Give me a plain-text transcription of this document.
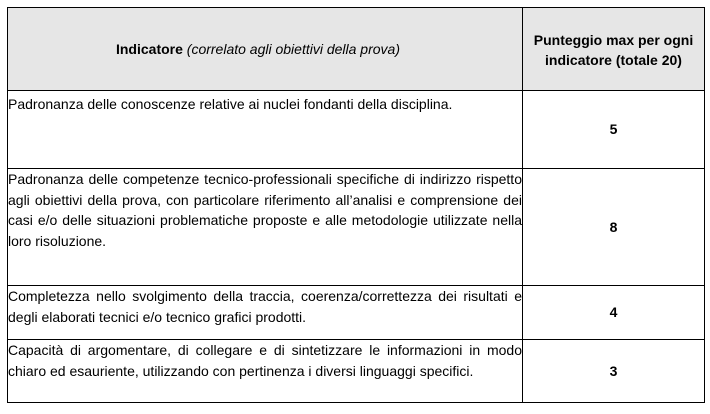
Indicatore (correlato agli obiettivi della prova)	Punteggio max per ogni indicatore (totale 20)
Padronanza delle conoscenze relative ai nuclei fondanti della disciplina.	5
Padronanza delle competenze tecnico-professionali specifiche di indirizzo rispetto agli obiettivi della prova, con particolare riferimento all’analisi e comprensione dei casi e/o delle situazioni problematiche proposte e alle metodologie utilizzate nella loro risoluzione.	8
Completezza nello svolgimento della traccia, coerenza/correttezza dei risultati e degli elaborati tecnici e/o tecnico grafici prodotti.	4
Capacità di argomentare, di collegare e di sintetizzare le informazioni in modo chiaro ed esauriente, utilizzando con pertinenza i diversi linguaggi specifici.	3
